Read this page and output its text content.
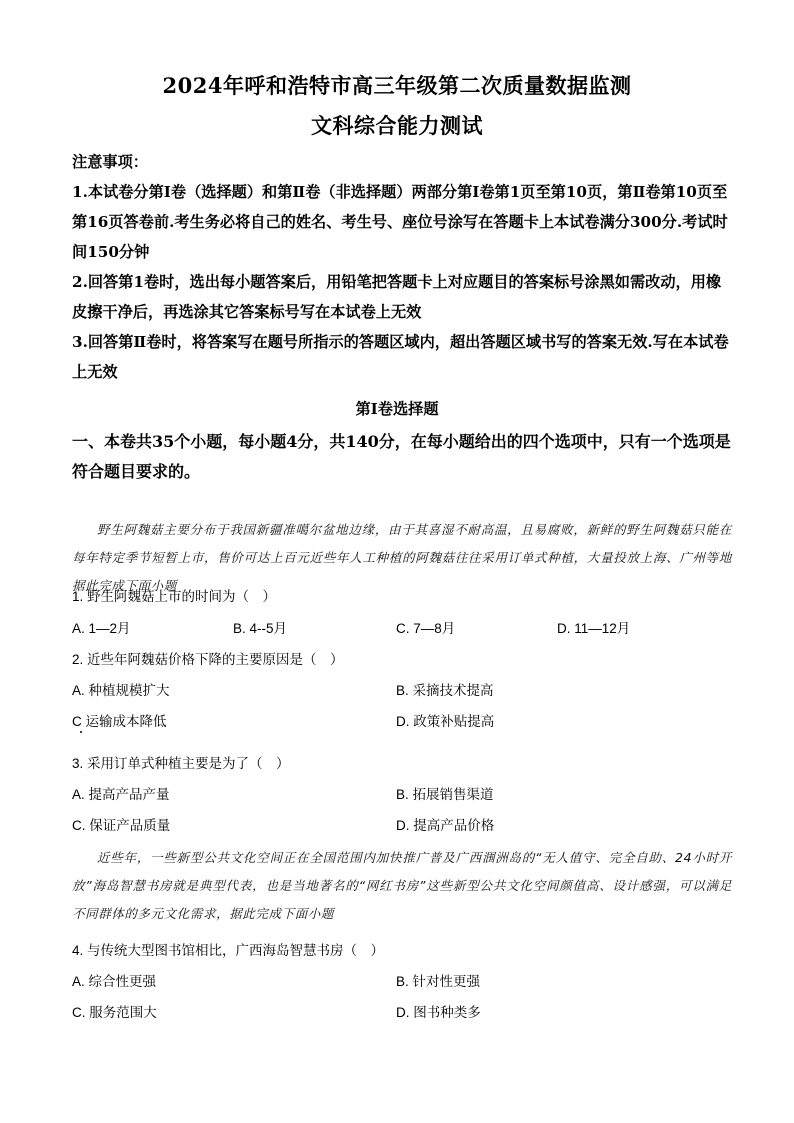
2024年呼和浩特市高三年级第二次质量数据监测
文科综合能力测试

注意事项：

1.本试卷分第Ⅰ卷（选择题）和第Ⅱ卷（非选择题）两部分第Ⅰ卷第1页至第10页，第Ⅱ卷第10页至第16页答卷前.考生务必将自己的姓名、考生号、座位号涂写在答题卡上本试卷满分300分.考试时间150分钟

2.回答第1卷时，选出每小题答案后，用铅笔把答题卡上对应题目的答案标号涂黑如需改动，用橡皮擦干净后，再选涂其它答案标号写在本试卷上无效

3.回答第Ⅱ卷时，将答案写在题号所指示的答题区域内，超出答题区域书写的答案无效.写在本试卷上无效

第Ⅰ卷选择题
一、本卷共35个小题，每小题4分，共140分，在每小题给出的四个选项中，只有一个选项是符合题目要求的。
野生阿魏菇主要分布于我国新疆准噶尔盆地边缘，由于其喜湿不耐高温，且易腐败，新鲜的野生阿魏菇只能在每年特定季节短暂上市，售价可达上百元近些年人工种植的阿魏菇往往采用订单式种植，大量投放上海、广州等地据此完成下面小题
1. 野生阿魏菇上市的时间为（　）
A. 1—2月	B. 4--5月	C. 7—8月	D. 11—12月
2. 近些年阿魏菇价格下降的主要原因是（　）
A. 种植规模扩大	B. 采摘技术提高
C 运输成本降低	D. 政策补贴提高
3. 采用订单式种植主要是为了（　）
A. 提高产品产量	B. 拓展销售渠道
C. 保证产品质量	D. 提高产品价格
近些年，一些新型公共文化空间正在全国范围内加快推广普及广西涠洲岛的“无人值守、完全自助、24小时开放”海岛智慧书房就是典型代表，也是当地著名的“网红书房”这些新型公共文化空间颜值高、设计感强，可以满足不同群体的多元文化需求，据此完成下面小题
4. 与传统大型图书馆相比，广西海岛智慧书房（　）
A. 综合性更强	B. 针对性更强
C. 服务范围大	D. 图书种类多
